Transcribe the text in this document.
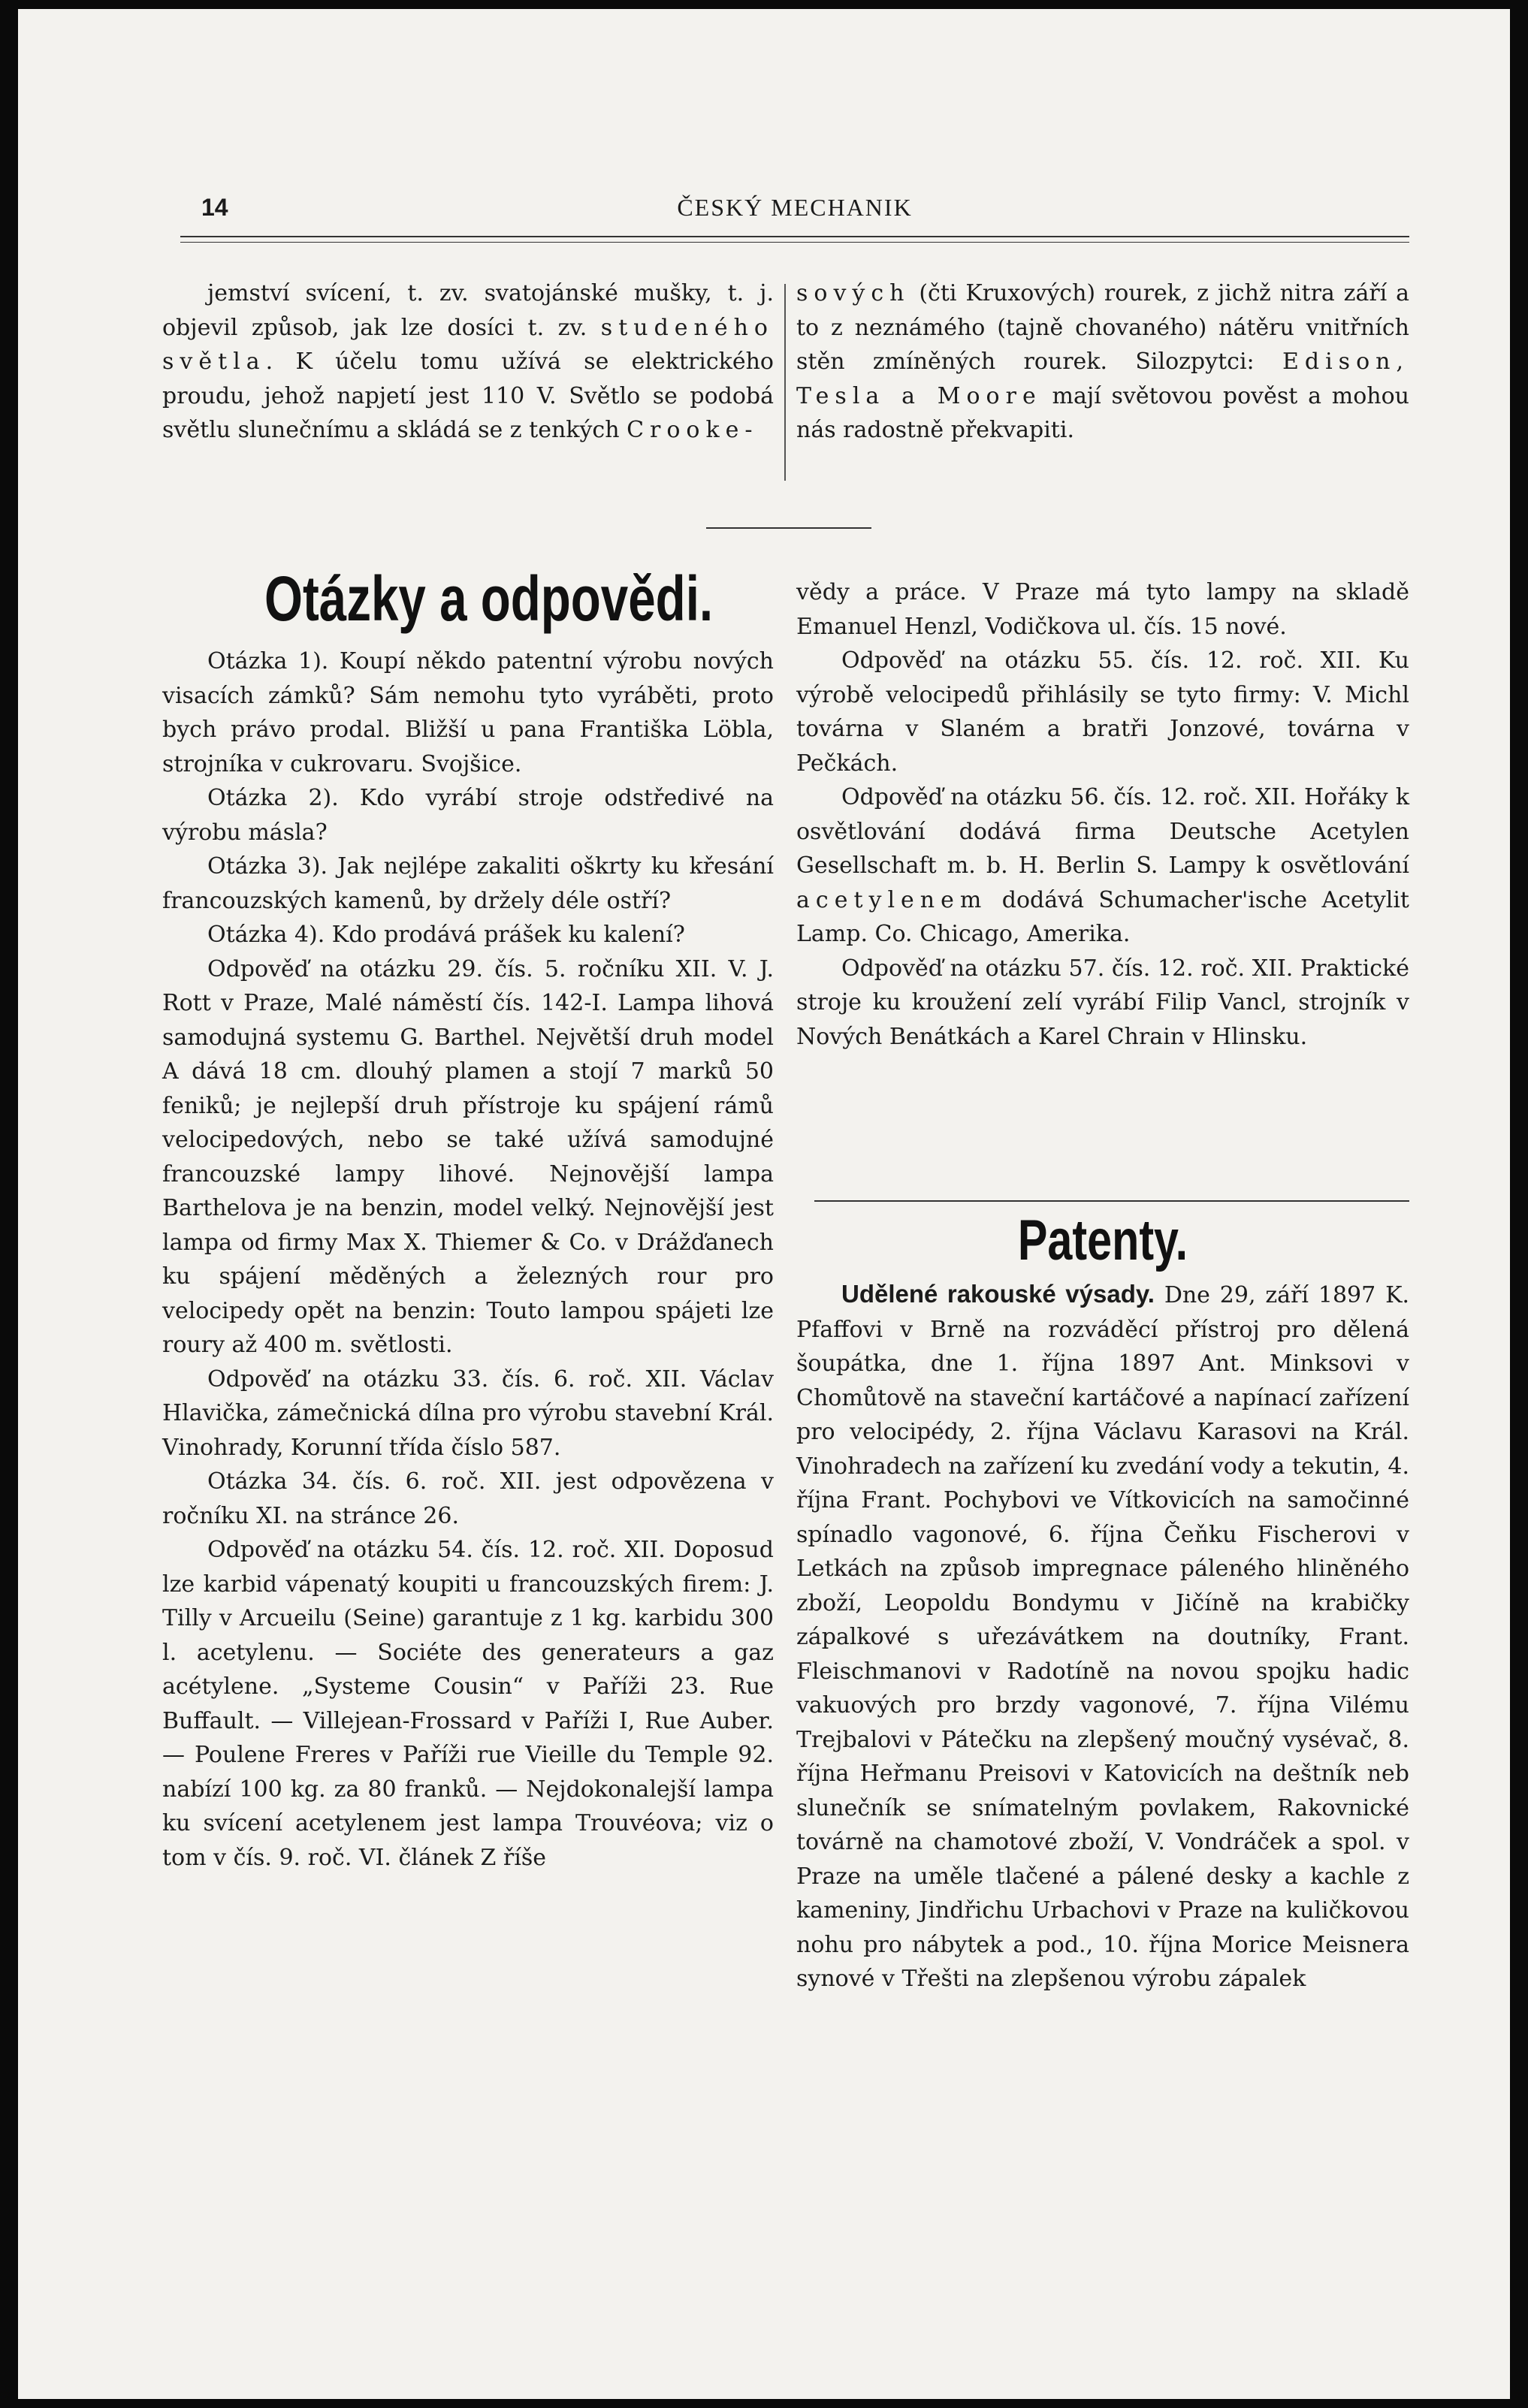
14	ČESKÝ MECHANIK

jemství svícení, t. zv. svatojánské mušky, t. j. objevil způsob, jak lze dosíci t. zv. studeného světla. K účelu tomu užívá se elektrického proudu, jehož napjetí jest 110 V. Světlo se podobá světlu slunečnímu a skládá se z tenkých Crooke-

sových (čti Kruxových) rourek, z jichž nitra září a to z neznámého (tajně chovaného) nátěru vnitřních stěn zmíněných rourek. Silozpytci: Edison, Tesla a Moore mají světovou pověst a mohou nás radostně překvapiti.

Otázky a odpovědi.

Otázka 1). Koupí někdo patentní výrobu nových visacích zámků? Sám nemohu tyto vyráběti, proto bych právo prodal. Bližší u pana Františka Löbla, strojníka v cukrovaru. Svojšice.

Otázka 2). Kdo vyrábí stroje odstředivé na výrobu másla?

Otázka 3). Jak nejlépe zakaliti oškrty ku křesání francouzských kamenů, by držely déle ostří?

Otázka 4). Kdo prodává prášek ku kalení?

Odpověď na otázku 29. čís. 5. ročníku XII. V. J. Rott v Praze, Malé náměstí čís. 142-I. Lampa lihová samodujná systemu G. Barthel. Největší druh model A dává 18 cm. dlouhý plamen a stojí 7 marků 50 feniků; je nejlepší druh přístroje ku spájení rámů velocipedových, nebo se také užívá samodujné francouzské lampy lihové. Nejnovější lampa Barthelova je na benzin, model velký. Nejnovější jest lampa od firmy Max X. Thiemer & Co. v Drážďanech ku spájení měděných a železných rour pro velocipedy opět na benzin: Touto lampou spájeti lze roury až 400 m. světlosti.

Odpověď na otázku 33. čís. 6. roč. XII. Václav Hlavička, zámečnická dílna pro výrobu stavební Král. Vinohrady, Korunní třída číslo 587.

Otázka 34. čís. 6. roč. XII. jest odpovězena v ročníku XI. na stránce 26.

Odpověď na otázku 54. čís. 12. roč. XII. Doposud lze karbid vápenatý koupiti u francouzských firem: J. Tilly v Arcueilu (Seine) garantuje z 1 kg. karbidu 300 l. acetylenu. — Sociéte des generateurs a gaz acétylene. „Systeme Cousin“ v Paříži 23. Rue Buffault. — Villejean-Frossard v Paříži I, Rue Auber. — Poulene Freres v Paříži rue Vieille du Temple 92. nabízí 100 kg. za 80 franků. — Nejdokonalejší lampa ku svícení acetylenem jest lampa Trouvéova; viz o tom v čís. 9. roč. VI. článek Z říše

vědy a práce. V Praze má tyto lampy na skladě Emanuel Henzl, Vodičkova ul. čís. 15 nové.

Odpověď na otázku 55. čís. 12. roč. XII. Ku výrobě velocipedů přihlásily se tyto firmy: V. Michl továrna v Slaném a bratři Jonzové, továrna v Pečkách.

Odpověď na otázku 56. čís. 12. roč. XII. Hořáky k osvětlování dodává firma Deutsche Acetylen Gesellschaft m. b. H. Berlin S. Lampy k osvětlování acetylenem dodává Schumacher'ische Acetylit Lamp. Co. Chicago, Amerika.

Odpověď na otázku 57. čís. 12. roč. XII. Praktické stroje ku kroužení zelí vyrábí Filip Vancl, strojník v Nových Benátkách a Karel Chrain v Hlinsku.

Patenty.

Udělené rakouské výsady. Dne 29, září 1897 K. Pfaffovi v Brně na rozváděcí přístroj pro dělená šoupátka, dne 1. října 1897 Ant. Minksovi v Chomůtově na staveční kartáčové a napínací zařízení pro velocipédy, 2. října Václavu Karasovi na Král. Vinohradech na zařízení ku zvedání vody a tekutin, 4. října Frant. Pochybovi ve Vítkovicích na samočinné spínadlo vagonové, 6. října Čeňku Fischerovi v Letkách na způsob impregnace páleného hliněného zboží, Leopoldu Bondymu v Jičíně na krabičky zápalkové s uřezávátkem na doutníky, Frant. Fleischmanovi v Radotíně na novou spojku hadic vakuových pro brzdy vagonové, 7. října Vilému Trejbalovi v Pátečku na zlepšený moučný vysévač, 8. října Heřmanu Preisovi v Katovicích na deštník neb slunečník se snímatelným povlakem, Rakovnické továrně na chamotové zboží, V. Vondráček a spol. v Praze na uměle tlačené a pálené desky a kachle z kameniny, Jindřichu Urbachovi v Praze na kuličkovou nohu pro nábytek a pod., 10. října Morice Meisnera synové v Třešti na zlepšenou výrobu zápalek
